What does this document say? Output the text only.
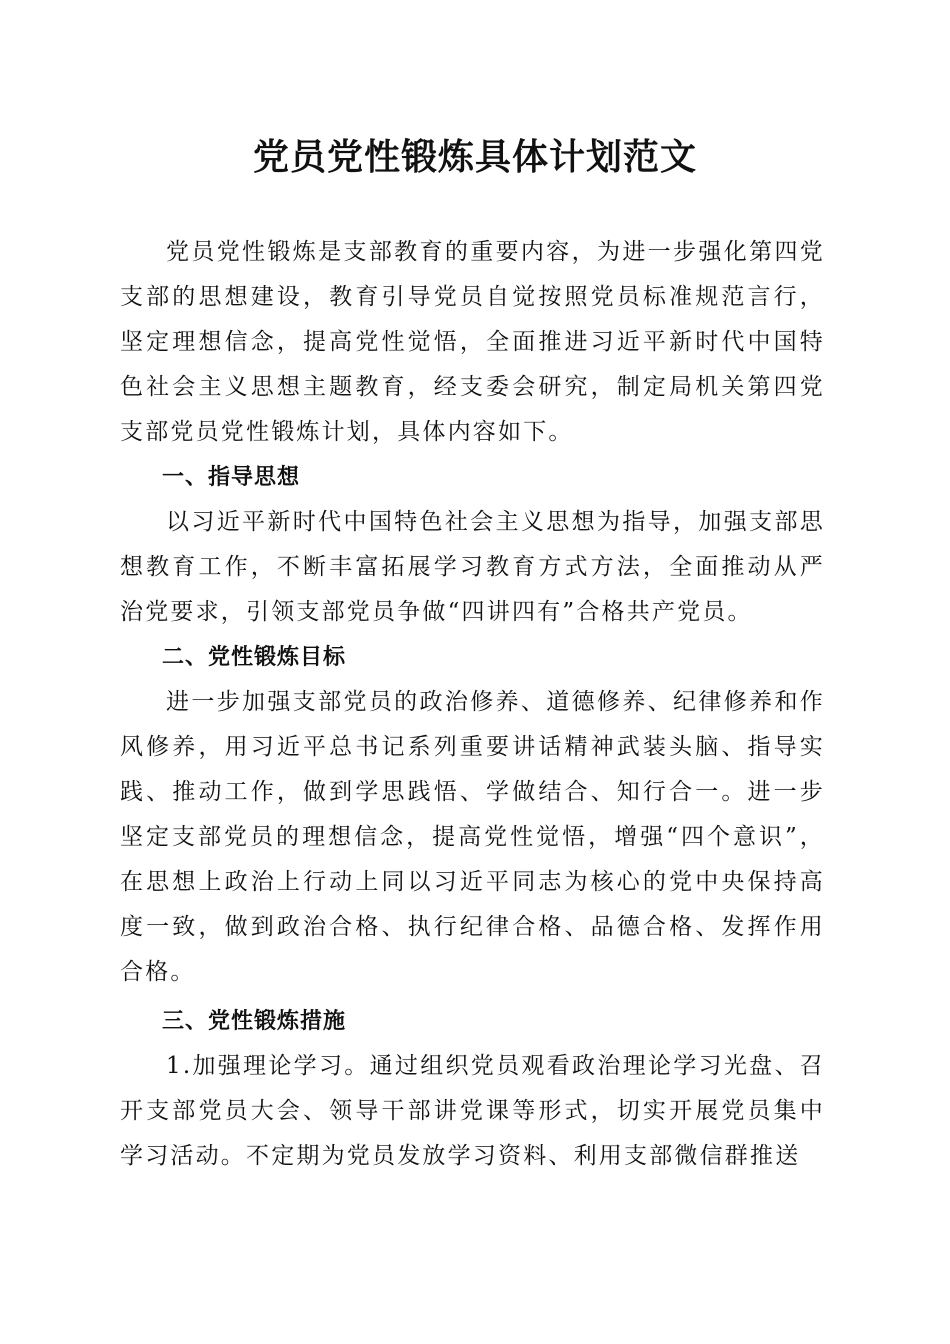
党员党性锻炼具体计划范文

党员党性锻炼是支部教育的重要内容，为进一步强化第四党支部的思想建设，教育引导党员自觉按照党员标准规范言行，坚定理想信念，提高党性觉悟，全面推进习近平新时代中国特色社会主义思想主题教育，经支委会研究，制定局机关第四党支部党员党性锻炼计划，具体内容如下。

一、指导思想

以习近平新时代中国特色社会主义思想为指导，加强支部思想教育工作，不断丰富拓展学习教育方式方法，全面推动从严治党要求，引领支部党员争做“四讲四有”合格共产党员。

二、党性锻炼目标

进一步加强支部党员的政治修养、道德修养、纪律修养和作风修养，用习近平总书记系列重要讲话精神武装头脑、指导实践、推动工作，做到学思践悟、学做结合、知行合一。进一步坚定支部党员的理想信念，提高党性觉悟，增强“四个意识”，在思想上政治上行动上同以习近平同志为核心的党中央保持高度一致，做到政治合格、执行纪律合格、品德合格、发挥作用合格。

三、党性锻炼措施

1.加强理论学习。通过组织党员观看政治理论学习光盘、召开支部党员大会、领导干部讲党课等形式，切实开展党员集中学习活动。不定期为党员发放学习资料、利用支部微信群推送
